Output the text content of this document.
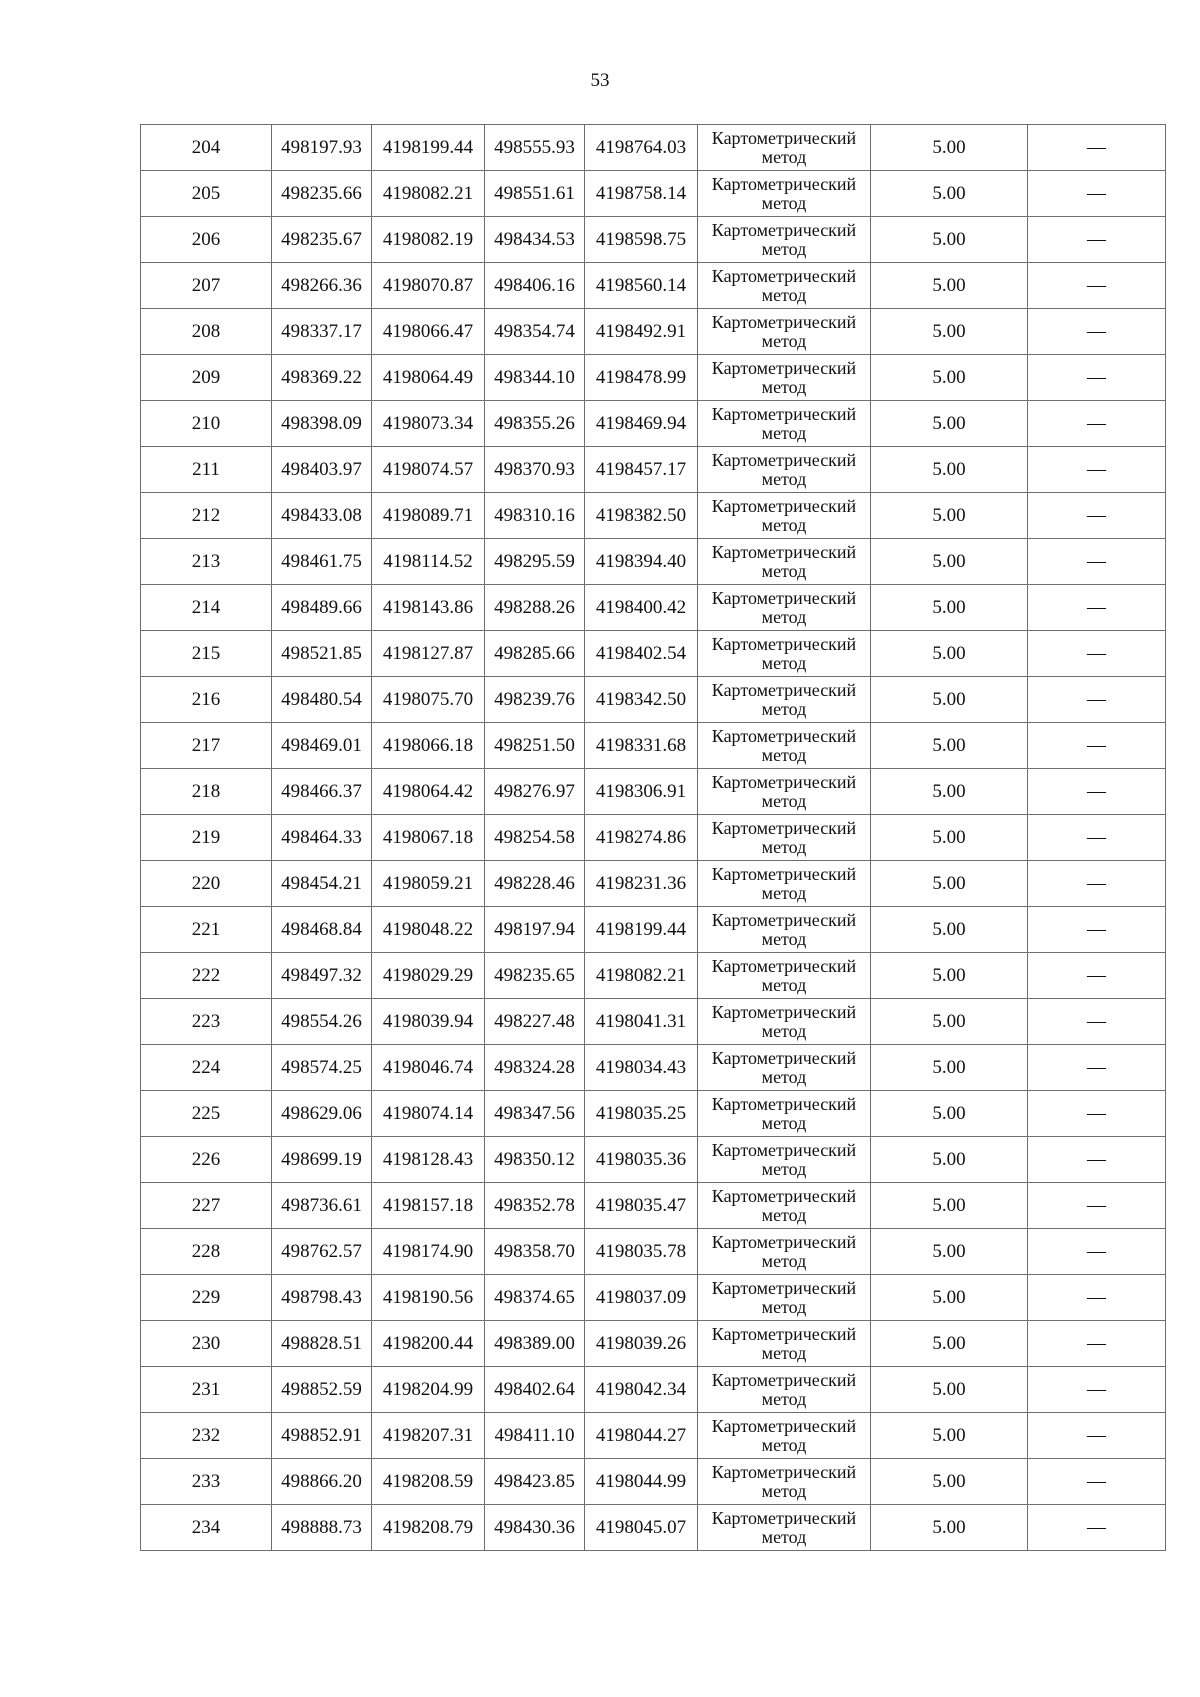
53
204	498197.93	4198199.44	498555.93	4198764.03	Картометрический
метод	5.00	—
205	498235.66	4198082.21	498551.61	4198758.14	Картометрический
метод	5.00	—
206	498235.67	4198082.19	498434.53	4198598.75	Картометрический
метод	5.00	—
207	498266.36	4198070.87	498406.16	4198560.14	Картометрический
метод	5.00	—
208	498337.17	4198066.47	498354.74	4198492.91	Картометрический
метод	5.00	—
209	498369.22	4198064.49	498344.10	4198478.99	Картометрический
метод	5.00	—
210	498398.09	4198073.34	498355.26	4198469.94	Картометрический
метод	5.00	—
211	498403.97	4198074.57	498370.93	4198457.17	Картометрический
метод	5.00	—
212	498433.08	4198089.71	498310.16	4198382.50	Картометрический
метод	5.00	—
213	498461.75	4198114.52	498295.59	4198394.40	Картометрический
метод	5.00	—
214	498489.66	4198143.86	498288.26	4198400.42	Картометрический
метод	5.00	—
215	498521.85	4198127.87	498285.66	4198402.54	Картометрический
метод	5.00	—
216	498480.54	4198075.70	498239.76	4198342.50	Картометрический
метод	5.00	—
217	498469.01	4198066.18	498251.50	4198331.68	Картометрический
метод	5.00	—
218	498466.37	4198064.42	498276.97	4198306.91	Картометрический
метод	5.00	—
219	498464.33	4198067.18	498254.58	4198274.86	Картометрический
метод	5.00	—
220	498454.21	4198059.21	498228.46	4198231.36	Картометрический
метод	5.00	—
221	498468.84	4198048.22	498197.94	4198199.44	Картометрический
метод	5.00	—
222	498497.32	4198029.29	498235.65	4198082.21	Картометрический
метод	5.00	—
223	498554.26	4198039.94	498227.48	4198041.31	Картометрический
метод	5.00	—
224	498574.25	4198046.74	498324.28	4198034.43	Картометрический
метод	5.00	—
225	498629.06	4198074.14	498347.56	4198035.25	Картометрический
метод	5.00	—
226	498699.19	4198128.43	498350.12	4198035.36	Картометрический
метод	5.00	—
227	498736.61	4198157.18	498352.78	4198035.47	Картометрический
метод	5.00	—
228	498762.57	4198174.90	498358.70	4198035.78	Картометрический
метод	5.00	—
229	498798.43	4198190.56	498374.65	4198037.09	Картометрический
метод	5.00	—
230	498828.51	4198200.44	498389.00	4198039.26	Картометрический
метод	5.00	—
231	498852.59	4198204.99	498402.64	4198042.34	Картометрический
метод	5.00	—
232	498852.91	4198207.31	498411.10	4198044.27	Картометрический
метод	5.00	—
233	498866.20	4198208.59	498423.85	4198044.99	Картометрический
метод	5.00	—
234	498888.73	4198208.79	498430.36	4198045.07	Картометрический
метод	5.00	—
